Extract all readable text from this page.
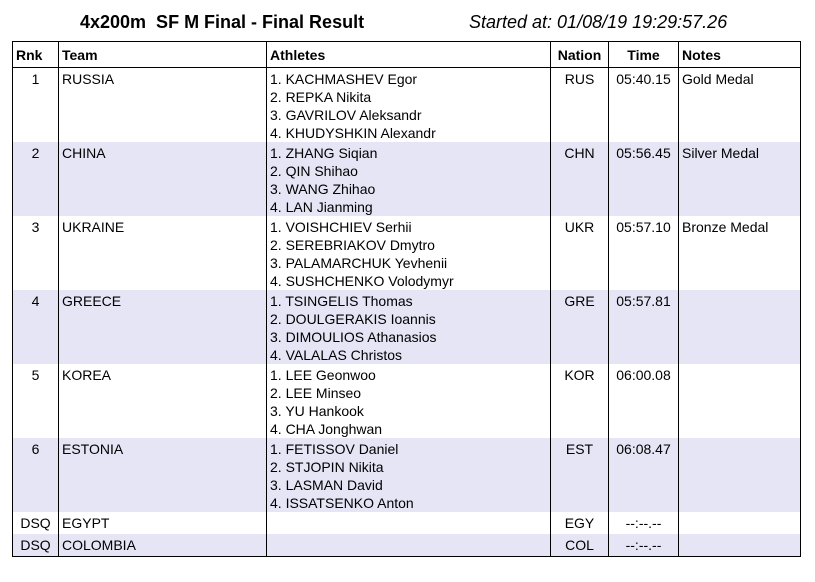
4x200m  SF M Final - Final Result	Started at: 01/08/19 19:29:57.26
Rnk	Team	Athletes	Nation	Time	Notes
1	RUSSIA	1. KACHMASHEV Egor
2. REPKA Nikita
3. GAVRILOV Aleksandr
4. KHUDYSHKIN Alexandr	RUS	05:40.15	Gold Medal
2	CHINA	1. ZHANG Siqian
2. QIN Shihao
3. WANG Zhihao
4. LAN Jianming	CHN	05:56.45	Silver Medal
3	UKRAINE	1. VOISHCHIEV Serhii
2. SEREBRIAKOV Dmytro
3. PALAMARCHUK Yevhenii
4. SUSHCHENKO Volodymyr	UKR	05:57.10	Bronze Medal
4	GREECE	1. TSINGELIS Thomas
2. DOULGERAKIS Ioannis
3. DIMOULIOS Athanasios
4. VALALAS Christos	GRE	05:57.81	
5	KOREA	1. LEE Geonwoo
2. LEE Minseo
3. YU Hankook
4. CHA Jonghwan	KOR	06:00.08	
6	ESTONIA	1. FETISSOV Daniel
2. STJOPIN Nikita
3. LASMAN David
4. ISSATSENKO Anton	EST	06:08.47	
DSQ	EGYPT		EGY	--:--.--	
DSQ	COLOMBIA		COL	--:--.--	
